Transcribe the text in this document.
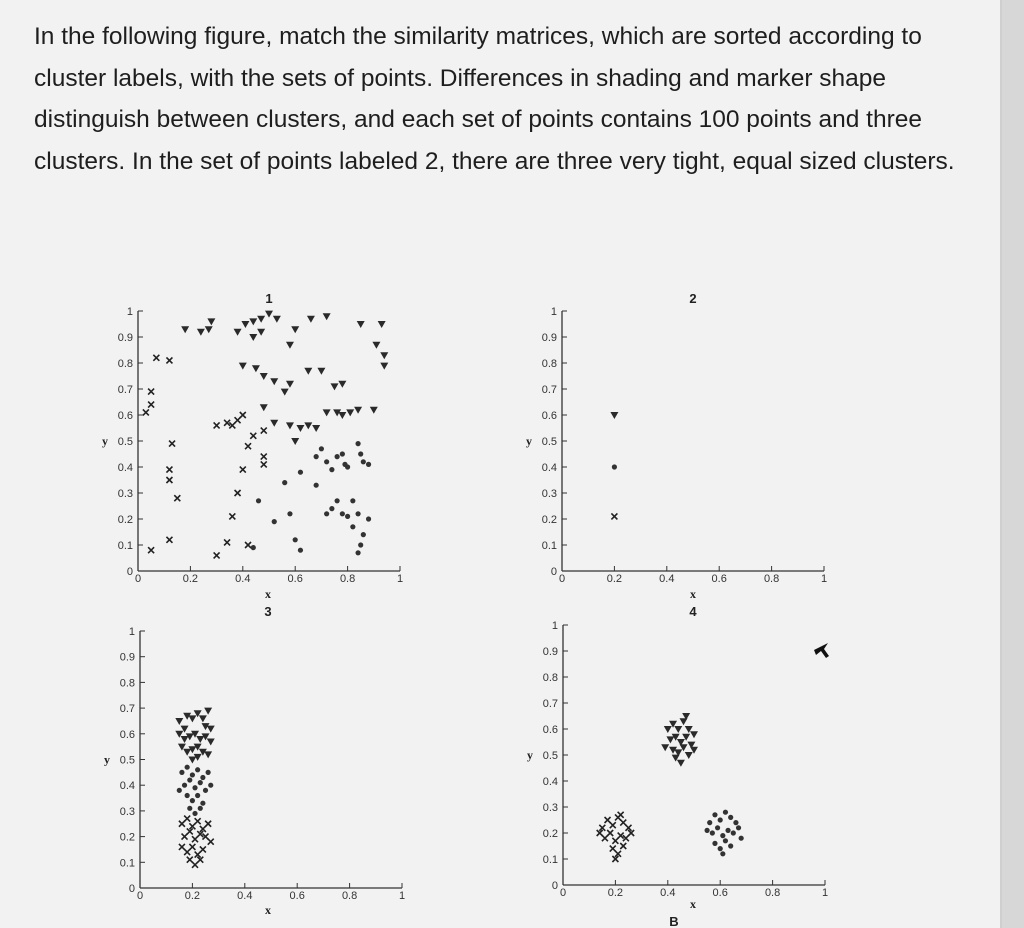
In the following figure, match the similarity matrices, which are sorted according to cluster labels, with the sets of points. Differences in shading and marker shape distinguish between clusters, and each set of points contains 100 points and three clusters. In the set of points labeled 2, there are three very tight, equal sized clusters.

0	0.2	0.4	0.6	0.8	1
0
0.1
0.2
0.3
0.4
0.5
0.6
0.7
0.8
0.9
1
y
1
0	0.2	0.4	0.6	0.8	1
0
0.1
0.2
0.3
0.4
0.5
0.6
0.7
0.8
0.9
1
y
2
0	0.2	0.4	0.6	0.8	1
0
0.1
0.2
0.3
0.4
0.5
0.6
0.7
0.8
0.9
1
y
0	0.2	0.4	0.6	0.8	1
0
0.1
0.2
0.3
0.4
0.5
0.6
0.7
0.8
0.9
1
y
x
3
x
x
4
x
B
